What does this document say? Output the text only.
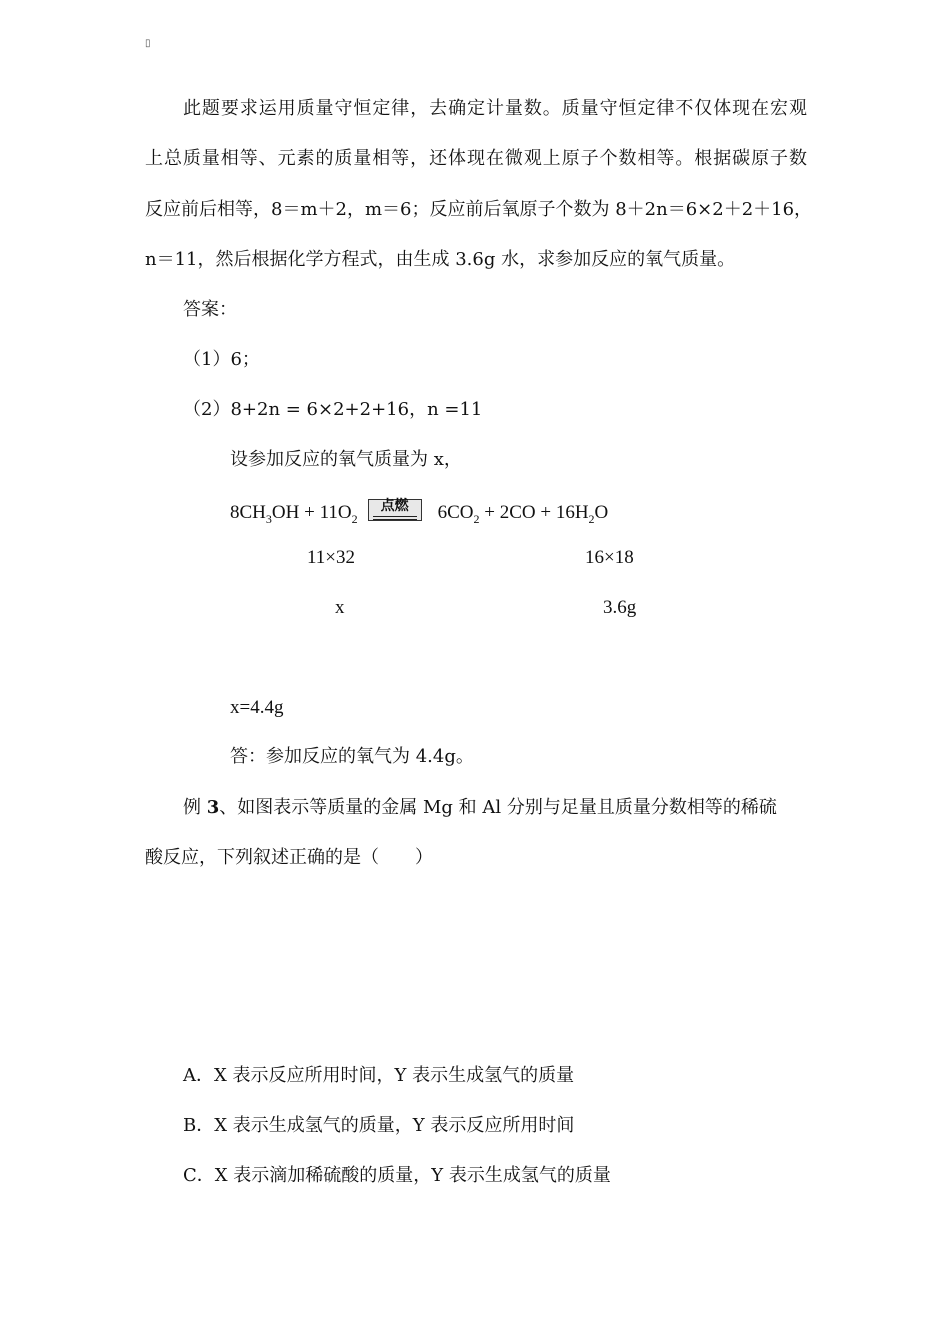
▯
此题要求运用质量守恒定律，去确定计量数。质量守恒定律不仅体现在宏观
上总质量相等、元素的质量相等，还体现在微观上原子个数相等。根据碳原子数
反应前后相等，8＝m＋2，m＝6；反应前后氧原子个数为 8＋2n＝6×2＋2＋16，
n＝11，然后根据化学方程式，由生成 3.6g 水，求参加反应的氧气质量。
答案：
（1）6；
（2）8+2n = 6×2+2+16，n =11
设参加反应的氧气质量为 x，
$8CH_3OH + 11O_2$
点燃	$6CO_2 + 2CO + 16H_2O$
11×32	16×18
x	3.6g
x=4.4g
答：参加反应的氧气为 4.4g。
例 3、如图表示等质量的金属 Mg 和 Al 分别与足量且质量分数相等的稀硫
酸反应，下列叙述正确的是（　　）
A．X 表示反应所用时间，Y 表示生成氢气的质量
B．X 表示生成氢气的质量，Y 表示反应所用时间
C．X 表示滴加稀硫酸的质量，Y 表示生成氢气的质量
